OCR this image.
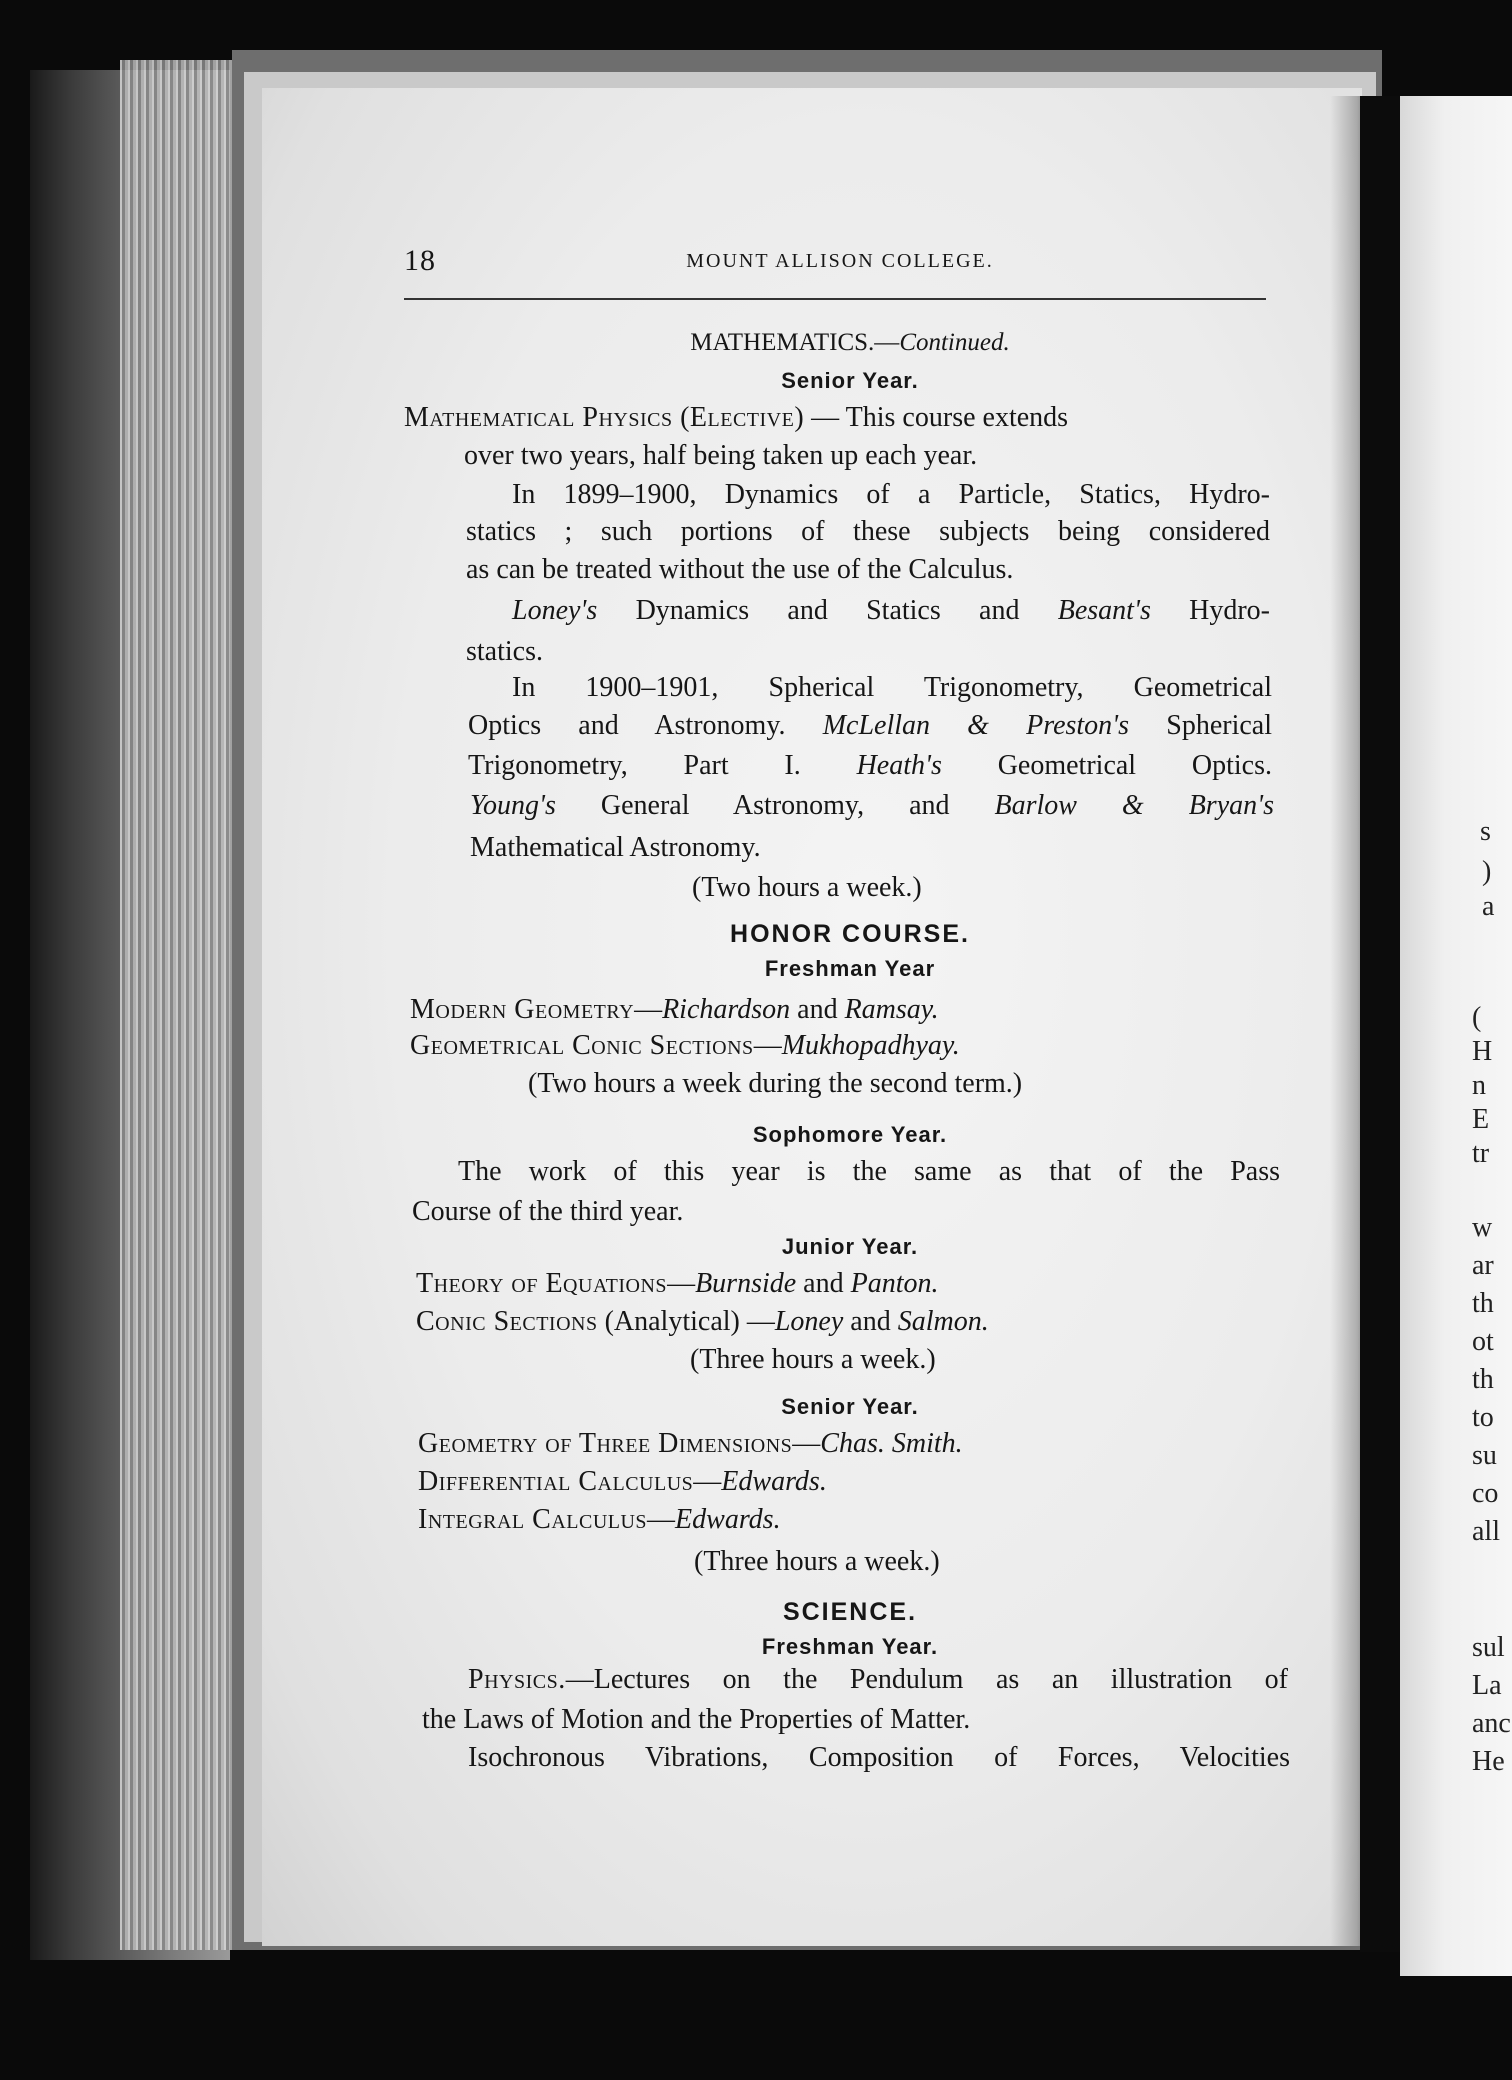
s
)
a
(
H
n
E
tr
w
ar
th
ot
th
to
su
co
all
sul
La
anc
He
18	MOUNT ALLISON COLLEGE.
MATHEMATICS.—Continued.
Senior Year.
Mathematical Physics (Elective) — This course extends
over two years, half being taken up each year.
In 1899–1900, Dynamics of a Particle, Statics, Hydro-
statics ; such portions of these subjects being considered
as can be treated without the use of the Calculus.
Loney's Dynamics and Statics and Besant's Hydro-
statics.
In 1900–1901, Spherical Trigonometry, Geometrical
Optics and Astronomy. McLellan & Preston's Spherical
Trigonometry, Part I. Heath's Geometrical Optics.
Young's General Astronomy, and Barlow & Bryan's
Mathematical Astronomy.
(Two hours a week.)
HONOR COURSE.
Freshman Year
Modern Geometry—Richardson and Ramsay.
Geometrical Conic Sections—Mukhopadhyay.
(Two hours a week during the second term.)
Sophomore Year.
The work of this year is the same as that of the Pass
Course of the third year.
Junior Year.
Theory of Equations—Burnside and Panton.
Conic Sections (Analytical) —Loney and Salmon.
(Three hours a week.)
Senior Year.
Geometry of Three Dimensions—Chas. Smith.
Differential Calculus—Edwards.
Integral Calculus—Edwards.
(Three hours a week.)
SCIENCE.
Freshman Year.
Physics.—Lectures on the Pendulum as an illustration of
the Laws of Motion and the Properties of Matter.
Isochronous Vibrations, Composition of Forces, Velocities
